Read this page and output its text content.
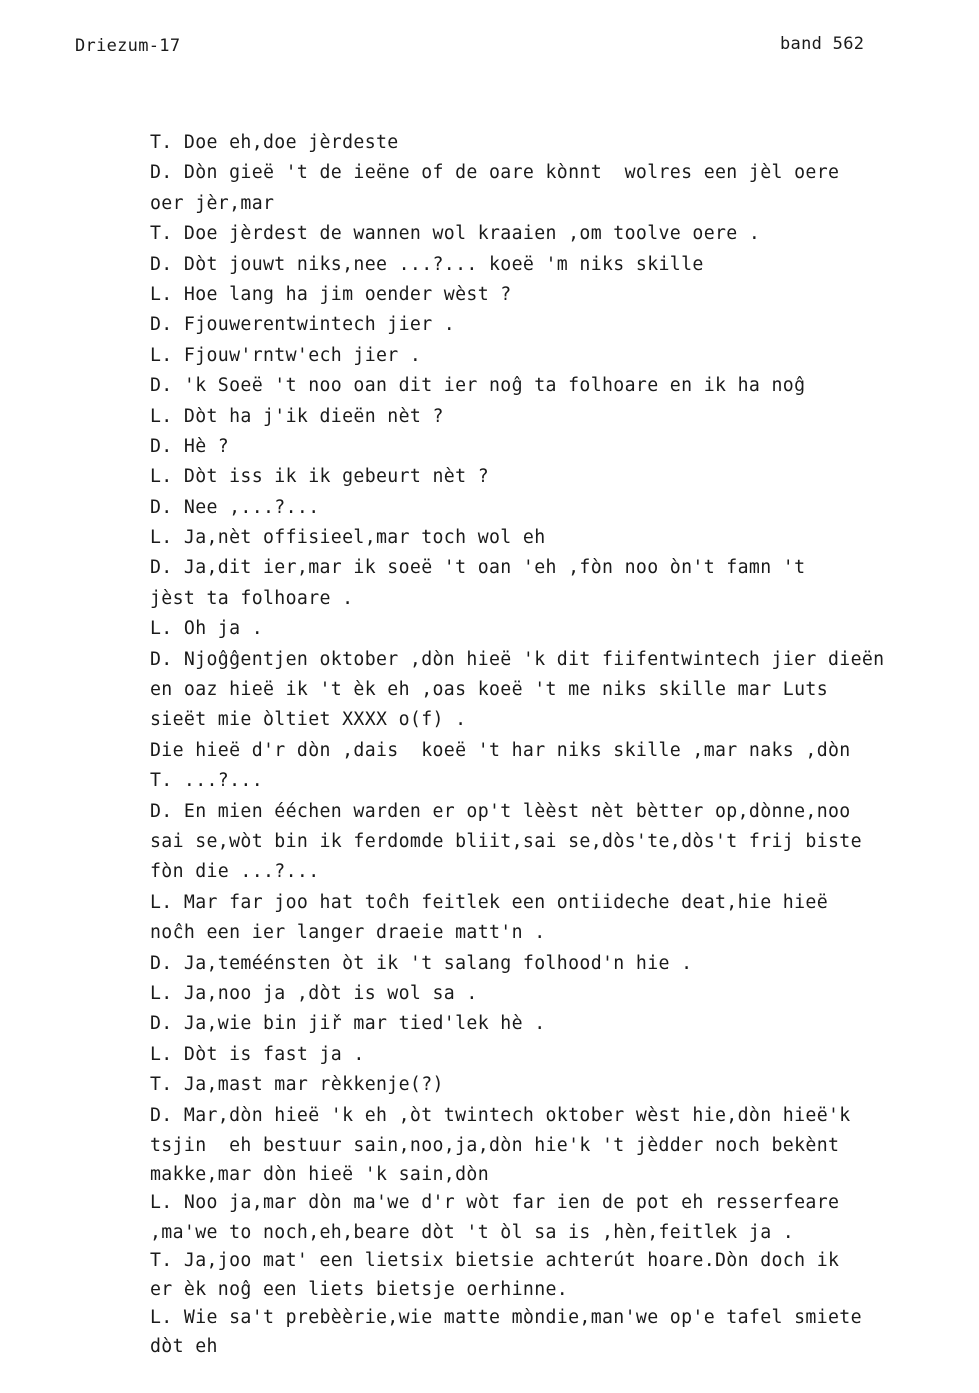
Driezum-17	band 562
T. Doe eh,doe jèrdeste
D. Dòn gieë 't de ieëne of de oare kònnt  wolres een jèl oere
oer jèr,mar
T. Doe jèrdest de wannen wol kraaien ,om toolve oere .
D. Dòt jouwt niks,nee ...?... koeë 'm niks skille
L. Hoe lang ha jim oender wèst ?
D. Fjouwerentwintech jier .
L. Fjouw'rntw'ech jier .
D. 'k Soeë 't noo oan dit ier noĝ ta folhoare en ik ha noĝ
L. Dòt ha j'ik dieën nèt ?
D. Hè ?
L. Dòt iss ik ik gebeurt nèt ?
D. Nee ,...?...
L. Ja,nèt offisieel,mar toch wol eh
D. Ja,dit ier,mar ik soeë 't oan 'eh ,fòn noo òn't famn 't
jèst ta folhoare .
L. Oh ja .
D. Njoĝĝentjen oktober ,dòn hieë 'k dit fiifentwintech jier dieën
en oaz hieë ik 't èk eh ,oas koeë 't me niks skille mar Luts
sieët mie òltiet XXXX o(f) .
Die hieë d'r dòn ,dais  koeë 't har niks skille ,mar naks ,dòn
T. ...?...
D. En mien ééchen warden er op't lèèst nèt bètter op,dònne,noo
sai se,wòt bin ik ferdomde bliit,sai se,dòs'te,dòs't frij biste
fòn die ...?...
L. Mar far joo hat toĉh feitlek een ontiideche deat,hie hieë
noĉh een ier langer draeie matt'n .
D. Ja,teméénsten òt ik 't salang folhood'n hie .
L. Ja,noo ja ,dòt is wol sa .
D. Ja,wie bin jiř mar tied'lek hè .
L. Dòt is fast ja .
T. Ja,mast mar rèkkenje(?)
D. Mar,dòn hieë 'k eh ,òt twintech oktober wèst hie,dòn hieë'k
tsjin  eh bestuur sain,noo,ja,dòn hie'k 't jèdder noch bekènt
makke,mar dòn hieë 'k sain,dòn
L. Noo ja,mar dòn ma'we d'r wòt far ien de pot eh resserfeare
,ma'we to noch,eh,beare dòt 't òl sa is ,hèn,feitlek ja .
T. Ja,joo mat' een lietsix bietsie achterút hoare.Dòn doch ik
er èk noĝ een liets bietsje oerhinne.
L. Wie sa't prebèèrie,wie matte mòndie,man'we op'e tafel smiete
dòt eh
